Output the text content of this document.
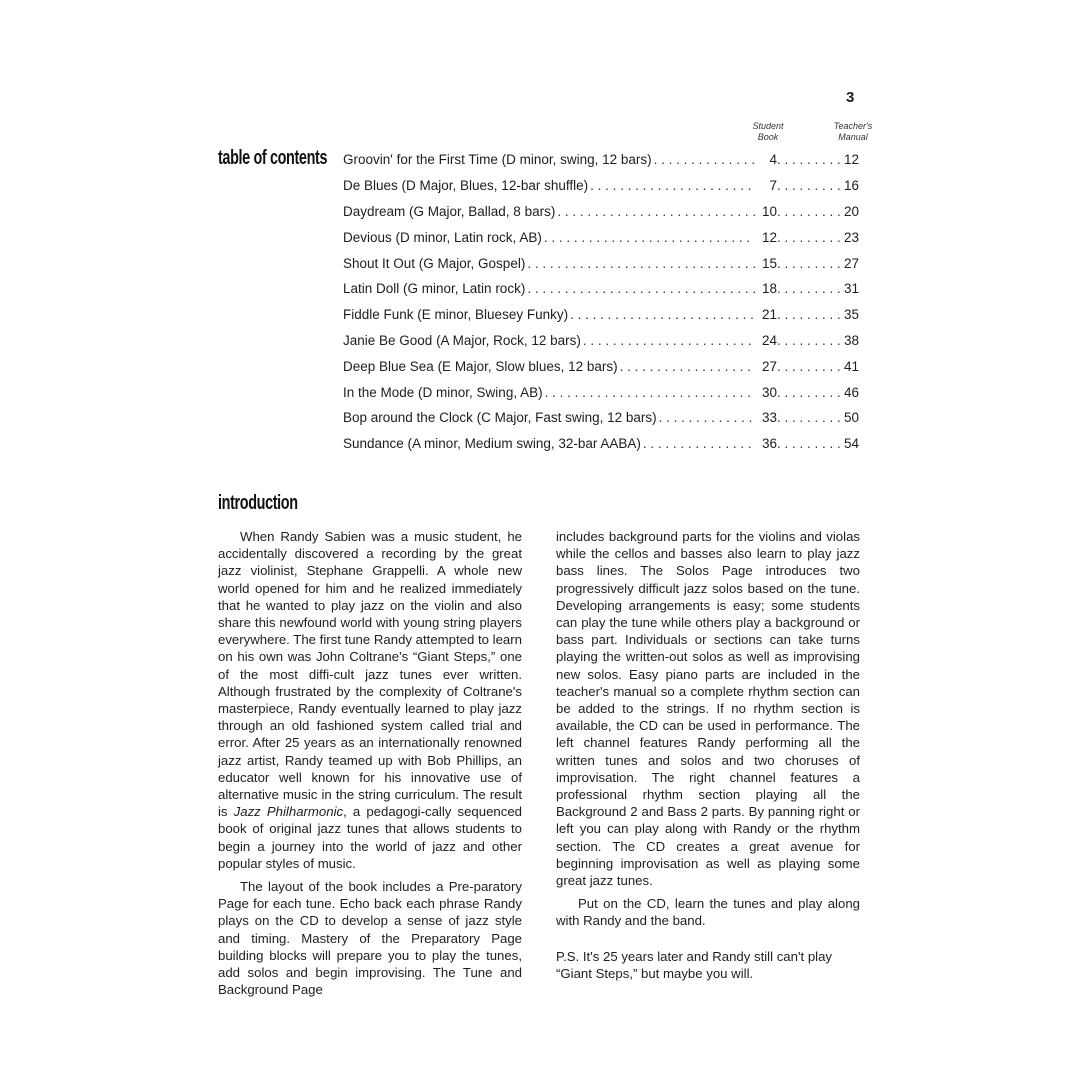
3
Student Book
Teacher's Manual
table of contents Groovin' for the First Time (D minor, swing, 12 bars) . . .	4 . . .	12
De Blues (D Major, Blues, 12-bar shuffle) . . .	7 . . .	16
Daydream (G Major, Ballad, 8 bars) . . .	10 . . .	20
Devious (D minor, Latin rock, AB) . . .	12 . . .	23
Shout It Out (G Major, Gospel) . . .	15 . . .	27
Latin Doll (G minor, Latin rock) . . .	18 . . .	31
Fiddle Funk (E minor, Bluesey Funky) . . .	21 . . .	35
Janie Be Good (A Major, Rock, 12 bars) . . .	24 . . .	38
Deep Blue Sea (E Major, Slow blues, 12 bars) . . .	27 . . .	41
In the Mode (D minor, Swing, AB) . . .	30 . . .	46
Bop around the Clock (C Major, Fast swing, 12 bars) . . .	33 . . .	50
Sundance (A minor, Medium swing, 32-bar AABA) . . .	36 . . .	54
introduction

When Randy Sabien was a music student, he accidentally discovered a recording by the great jazz violinist, Stephane Grappelli. A whole new world opened for him and he realized immediately that he wanted to play jazz on the violin and also share this newfound world with young string players everywhere. The first tune Randy attempted to learn on his own was John Coltrane's “Giant Steps,” one of the most diffi-cult jazz tunes ever written. Although frustrated by the complexity of Coltrane's masterpiece, Randy eventually learned to play jazz through an old fashioned system called trial and error. After 25 years as an internationally renowned jazz artist, Randy teamed up with Bob Phillips, an educator well known for his innovative use of alternative music in the string curriculum. The result is Jazz Philharmonic, a pedagogi-cally sequenced book of original jazz tunes that allows students to begin a journey into the world of jazz and other popular styles of music.

The layout of the book includes a Pre-paratory Page for each tune. Echo back each phrase Randy plays on the CD to develop a sense of jazz style and timing. Mastery of the Preparatory Page building blocks will prepare you to play the tunes, add solos and begin improvising. The Tune and Background Page

includes background parts for the violins and violas while the cellos and basses also learn to play jazz bass lines. The Solos Page introduces two progressively difficult jazz solos based on the tune. Developing arrangements is easy; some students can play the tune while others play a background or bass part. Individuals or sections can take turns playing the written-out solos as well as improvising new solos. Easy piano parts are included in the teacher's manual so a complete rhythm section can be added to the strings. If no rhythm section is available, the CD can be used in performance. The left channel features Randy performing all the written tunes and solos and two choruses of improvisation. The right channel features a professional rhythm section playing all the Background 2 and Bass 2 parts. By panning right or left you can play along with Randy or the rhythm section. The CD creates a great avenue for beginning improvisation as well as playing some great jazz tunes.

Put on the CD, learn the tunes and play along with Randy and the band.

P.S. It's 25 years later and Randy still can't play “Giant Steps,” but maybe you will.
